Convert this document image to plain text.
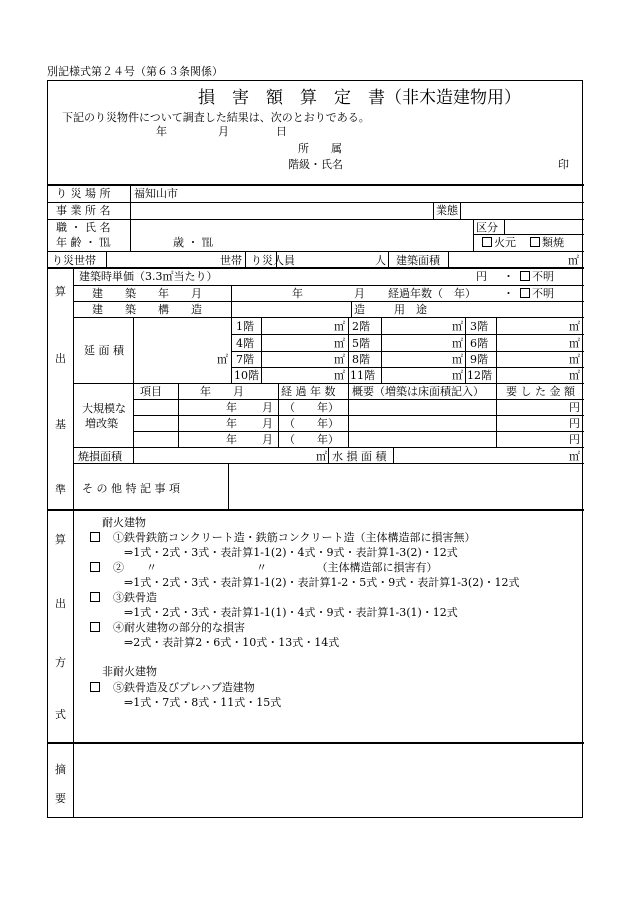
別記様式第２４号（第６３条関係）
損　害　額　算　定　書（非木造建物用）
下記のり災物件について調査した結果は、次のとおりである。
年	月	日
所　　属
階級・氏名	印
り 災 場 所 福知山市
事 業 所 名	業態
職 ・ 氏 名	区分
年 齢 ・ ℡	歳 ・ ℡	火元	類焼
り災世帯	世帯 り災人員	人 建築面積	㎡
算
出
基
準
建築時単価（3.3㎡当たり）	円 ・	不明
建　　築　　年　　月	年	月 経過年数（　年） ・	不明
建　　築　　構　　造	造	用　途
延 面 積
㎡
1階	㎡ 2階	㎡ 3階	㎡
4階	㎡ 5階	㎡ 6階	㎡
7階	㎡ 8階	㎡ 9階	㎡
10階	㎡ 11階	㎡ 12階	㎡
大規模な
増改築
項目	年　　月	経 過 年 数 概要（増築は床面積記入） 要 し た 金 額
年 月 （　　年）	円
年 月 （　　年）	円
年 月 （　　年）	円
焼損面積	㎡ 水 損 面 積	㎡
そ の 他 特 記 事 項
算
出
方
式
耐火建物
　①鉄骨鉄筋コンクリート造・鉄筋コンクリート造（主体構造部に損害無）
⇒1式・2式・3式・表計算1-1(2)・4式・9式・表計算1-3(2)・12式
　②　　〃　　　　　　　　　〃　　　　　（主体構造部に損害有）
⇒1式・2式・3式・表計算1-1(2)・表計算1-2・5式・9式・表計算1-3(2)・12式
　③鉄骨造
⇒1式・2式・3式・表計算1-1(1)・4式・9式・表計算1-3(1)・12式
　④耐火建物の部分的な損害
⇒2式・表計算2・6式・10式・13式・14式
非耐火建物
　⑤鉄骨造及びプレハブ造建物
⇒1式・7式・8式・11式・15式
摘
要
